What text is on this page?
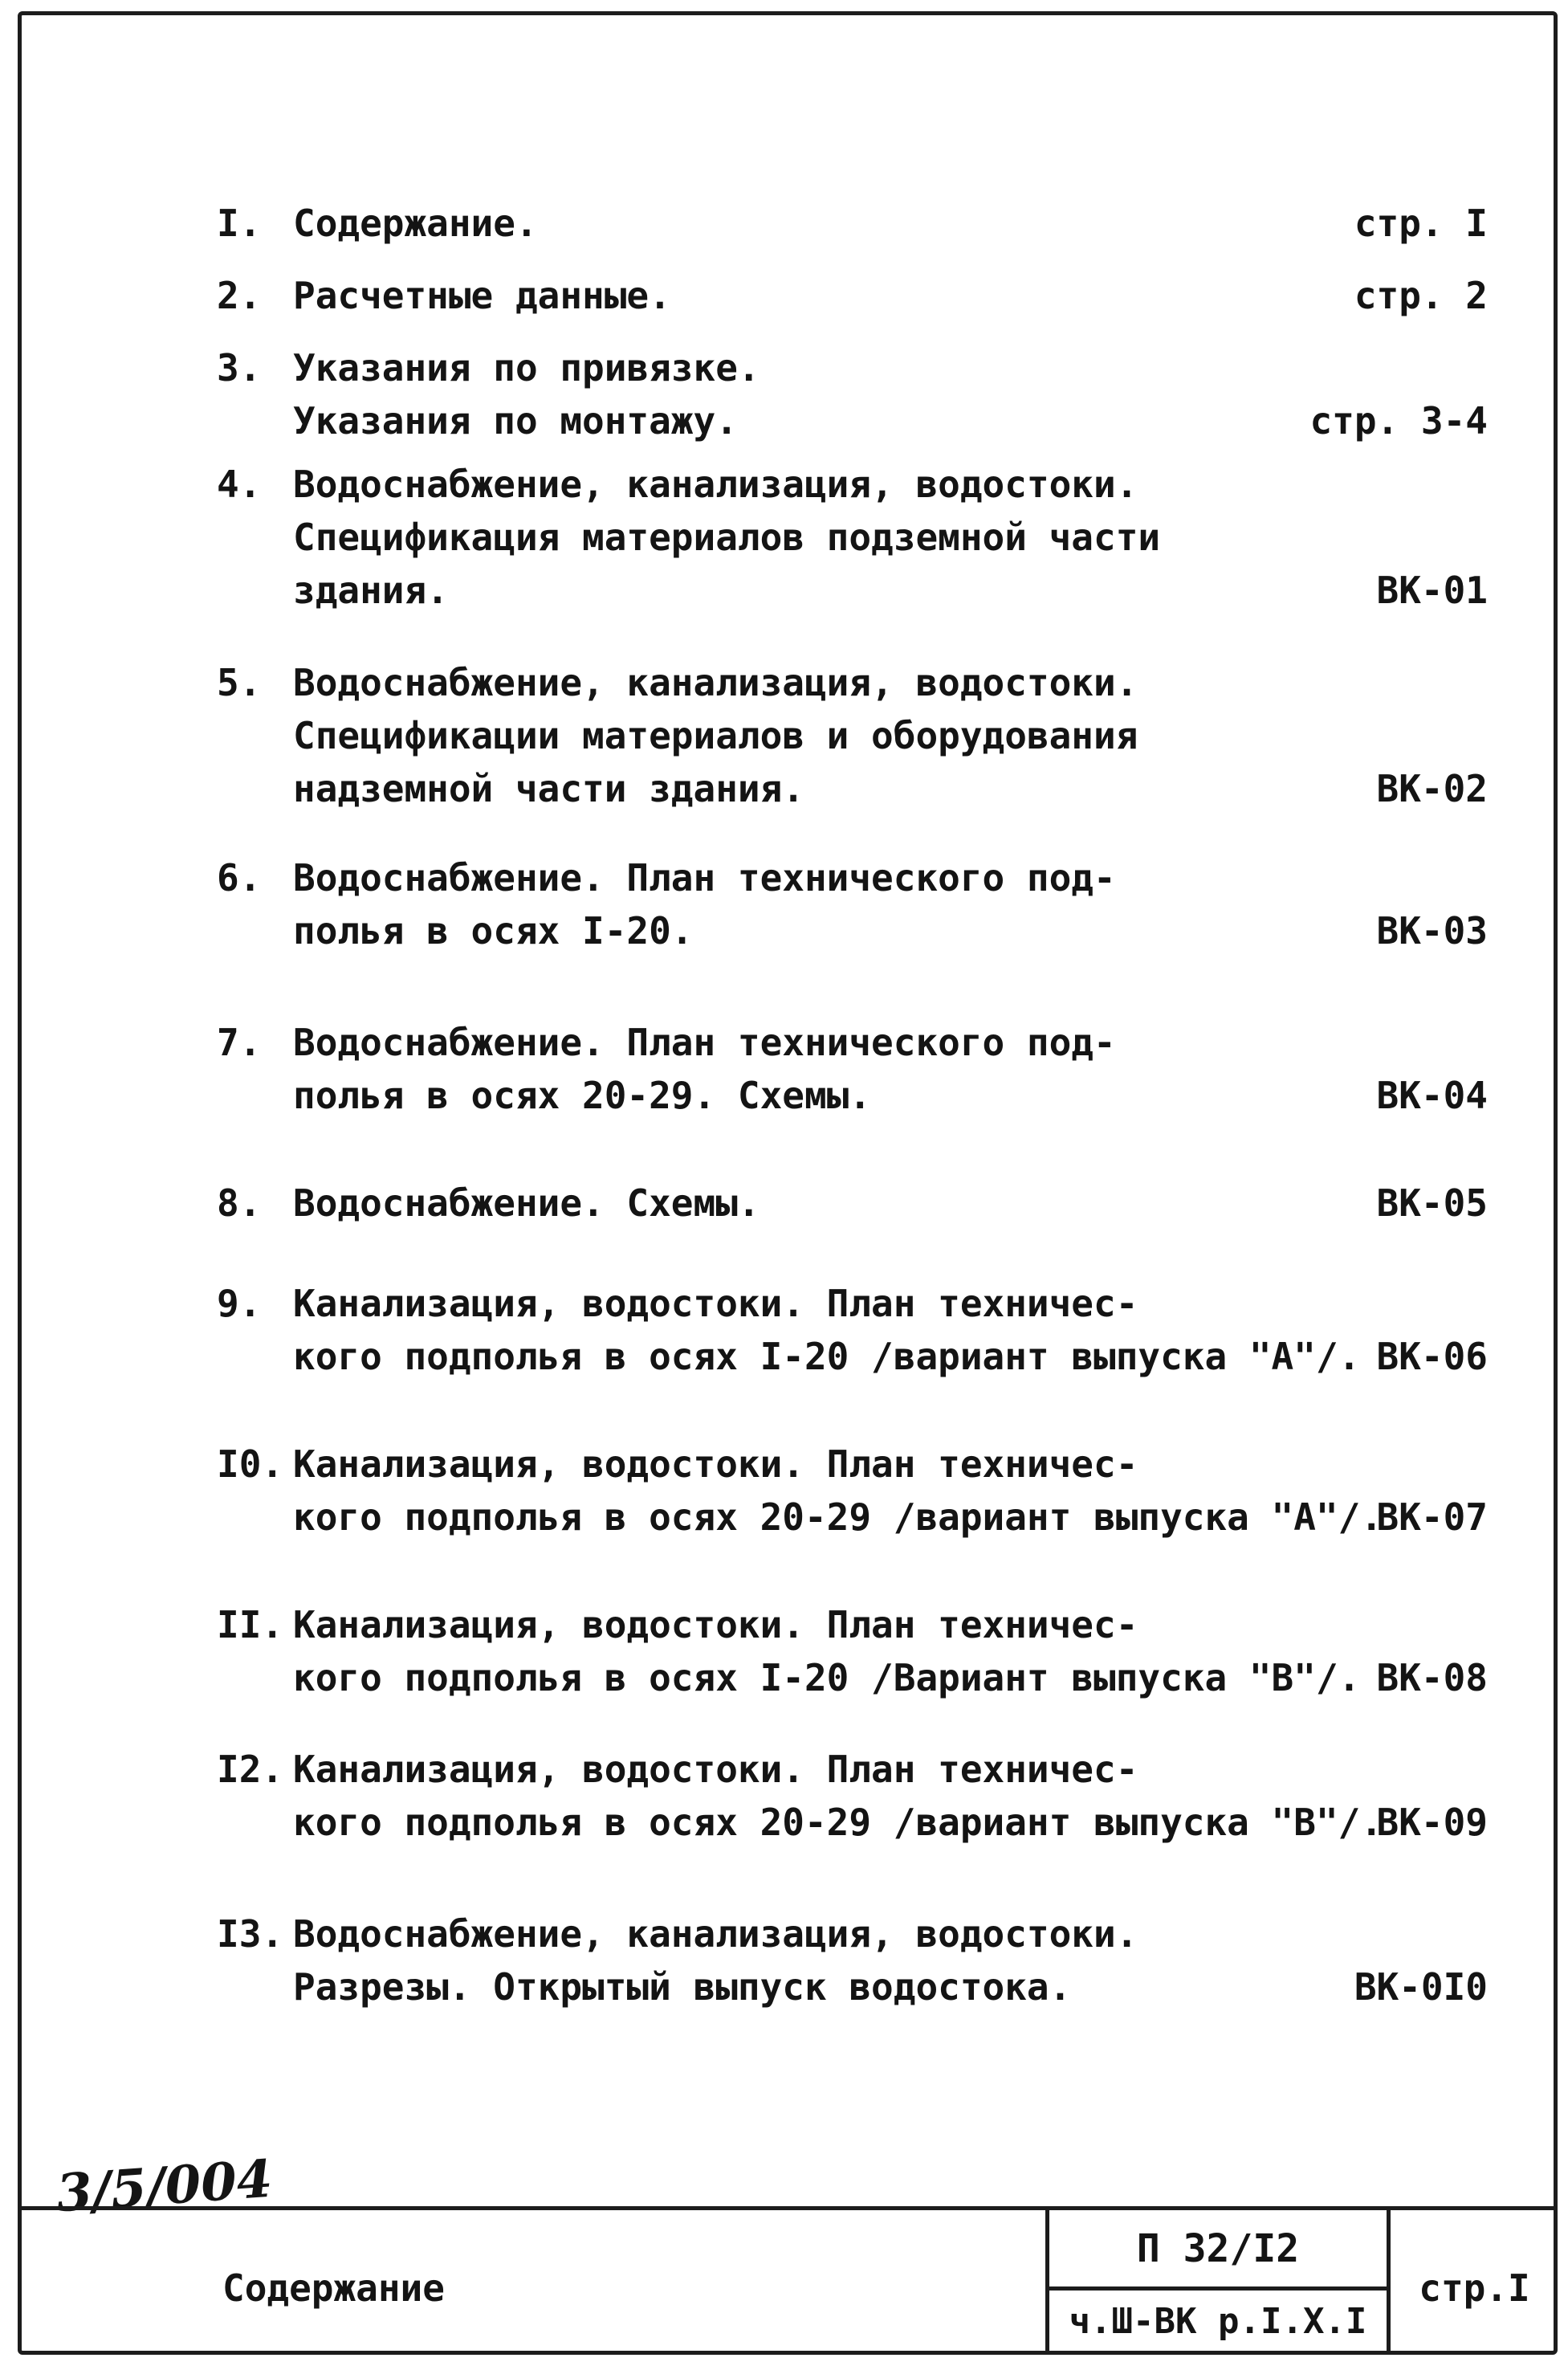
I. Содержание.	стр. I
2. Расчетные данные.	стр. 2
3. Указания по привязке.
Указания по монтажу.	стр. 3-4
4. Водоснабжение, канализация, водостоки.
Спецификация материалов подземной части
здания.	ВК-01
5. Водоснабжение, канализация, водостоки.
Спецификации материалов и оборудования
надземной части здания.	ВК-02
6. Водоснабжение. План технического под-
полья в осях I-20.	ВК-03
7. Водоснабжение. План технического под-
полья в осях 20-29. Схемы.	ВК-04
8. Водоснабжение. Схемы.	ВК-05
9. Канализация, водостоки. План техничес-
кого подполья в осях I-20 /вариант выпуска "А"/. ВК-06
I0. Канализация, водостоки. План техничес-
кого подполья в осях 20-29 /вариант выпуска "А"/.
ВК-07
II. Канализация, водостоки. План техничес-
кого подполья в осях I-20 /Вариант выпуска "В"/. ВК-08
I2. Канализация, водостоки. План техничес-
кого подполья в осях 20-29 /вариант выпуска "В"/.
ВК-09
I3. Водоснабжение, канализация, водостоки.
Разрезы. Открытый выпуск водостока.	ВК-0I0
3/5/004
Содержание
П 32/I2
ч.Ш-ВК р.I.Х.I
стр.I
